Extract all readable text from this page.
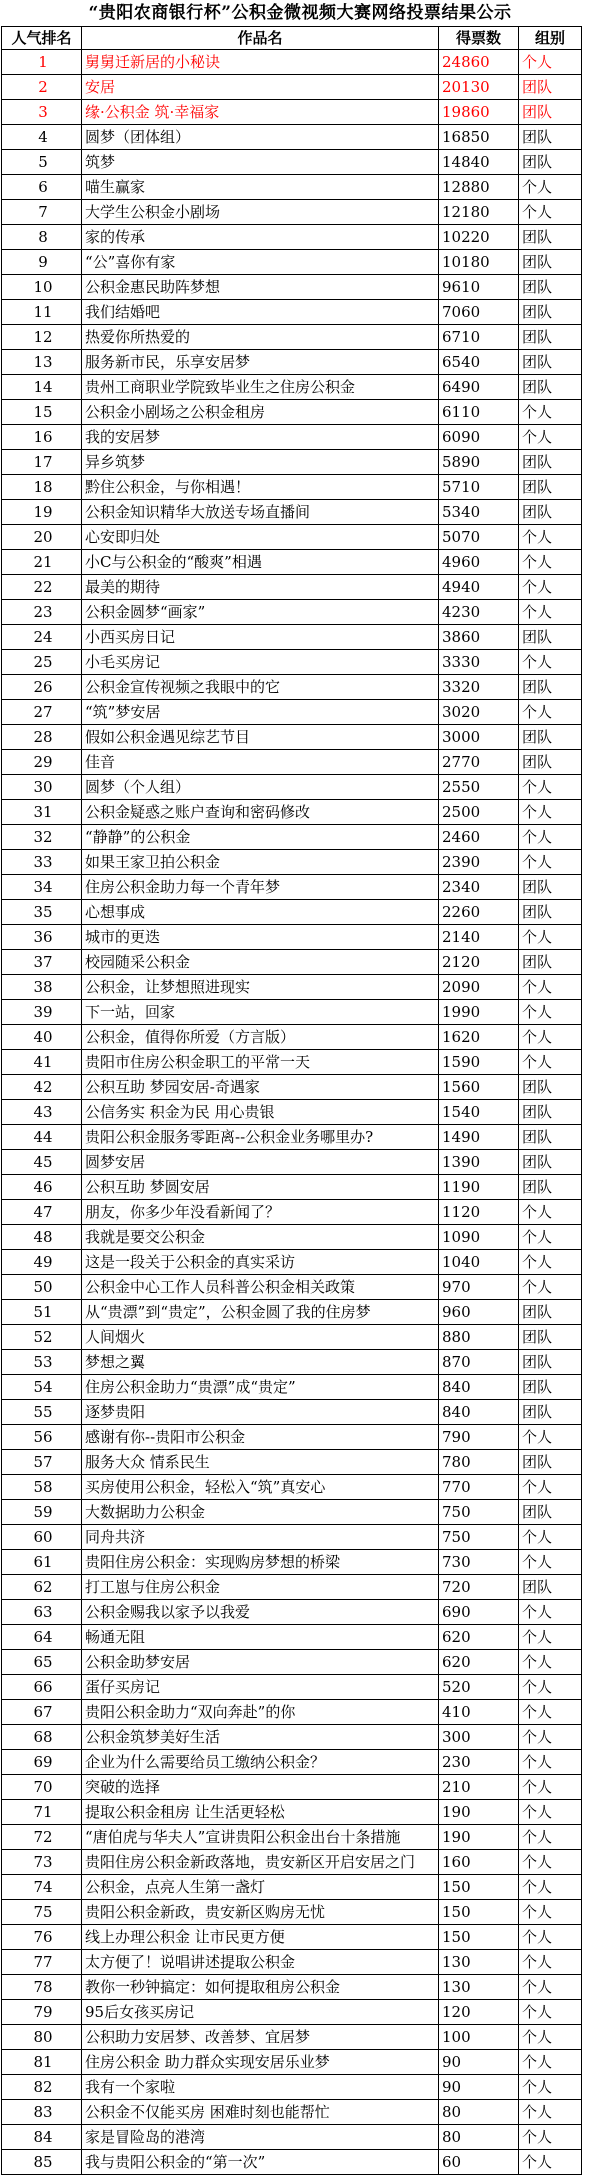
“贵阳农商银行杯”公积金微视频大赛网络投票结果公示
人气排名	作品名	得票数	组别
1	舅舅迁新居的小秘诀	24860	个人
2	安居	20130	团队
3	缘·公积金 筑·幸福家	19860	团队
4	圆梦（团体组）	16850	团队
5	筑梦	14840	团队
6	喵生赢家	12880	个人
7	大学生公积金小剧场	12180	个人
8	家的传承	10220	团队
9	“公”喜你有家	10180	团队
10	公积金惠民助阵梦想	9610	团队
11	我们结婚吧	7060	团队
12	热爱你所热爱的	6710	团队
13	服务新市民，乐享安居梦	6540	团队
14	贵州工商职业学院致毕业生之住房公积金	6490	团队
15	公积金小剧场之公积金租房	6110	个人
16	我的安居梦	6090	个人
17	异乡筑梦	5890	团队
18	黔住公积金，与你相遇！	5710	团队
19	公积金知识精华大放送专场直播间	5340	团队
20	心安即归处	5070	个人
21	小C与公积金的“酸爽”相遇	4960	个人
22	最美的期待	4940	个人
23	公积金圆梦“画家”	4230	个人
24	小西买房日记	3860	团队
25	小毛买房记	3330	个人
26	公积金宣传视频之我眼中的它	3320	团队
27	“筑”梦安居	3020	个人
28	假如公积金遇见综艺节目	3000	团队
29	佳音	2770	团队
30	圆梦（个人组）	2550	个人
31	公积金疑惑之账户查询和密码修改	2500	个人
32	“静静”的公积金	2460	个人
33	如果王家卫拍公积金	2390	个人
34	住房公积金助力每一个青年梦	2340	团队
35	心想事成	2260	团队
36	城市的更迭	2140	个人
37	校园随采公积金	2120	团队
38	公积金，让梦想照进现实	2090	个人
39	下一站，回家	1990	个人
40	公积金，值得你所爱（方言版）	1620	个人
41	贵阳市住房公积金职工的平常一天	1590	个人
42	公积互助 梦园安居-奇遇家	1560	团队
43	公信务实 积金为民 用心贵银	1540	团队
44	贵阳公积金服务零距离--公积金业务哪里办?	1490	团队
45	圆梦安居	1390	团队
46	公积互助 梦圆安居	1190	团队
47	朋友，你多少年没看新闻了？	1120	个人
48	我就是要交公积金	1090	个人
49	这是一段关于公积金的真实采访	1040	个人
50	公积金中心工作人员科普公积金相关政策	970	个人
51	从“贵漂”到“贵定”，公积金圆了我的住房梦	960	团队
52	人间烟火	880	团队
53	梦想之翼	870	团队
54	住房公积金助力“贵漂”成“贵定”	840	团队
55	逐梦贵阳	840	团队
56	感谢有你--贵阳市公积金	790	个人
57	服务大众 情系民生	780	团队
58	买房使用公积金，轻松入“筑”真安心	770	个人
59	大数据助力公积金	750	团队
60	同舟共济	750	个人
61	贵阳住房公积金：实现购房梦想的桥梁	730	个人
62	打工崽与住房公积金	720	团队
63	公积金赐我以家予以我爱	690	个人
64	畅通无阻	620	个人
65	公积金助梦安居	620	个人
66	蛋仔买房记	520	个人
67	贵阳公积金助力“双向奔赴”的你	410	个人
68	公积金筑梦美好生活	300	个人
69	企业为什么需要给员工缴纳公积金？	230	个人
70	突破的选择	210	个人
71	提取公积金租房 让生活更轻松	190	个人
72	“唐伯虎与华夫人”宣讲贵阳公积金出台十条措施	190	个人
73	贵阳住房公积金新政落地，贵安新区开启安居之门	160	个人
74	公积金，点亮人生第一盏灯	150	个人
75	贵阳公积金新政，贵安新区购房无忧	150	个人
76	线上办理公积金 让市民更方便	150	个人
77	太方便了！说唱讲述提取公积金	130	个人
78	教你一秒钟搞定：如何提取租房公积金	130	个人
79	95后女孩买房记	120	个人
80	公积助力安居梦、改善梦、宜居梦	100	个人
81	住房公积金 助力群众实现安居乐业梦	90	个人
82	我有一个家啦	90	个人
83	公积金不仅能买房 困难时刻也能帮忙	80	个人
84	家是冒险岛的港湾	80	个人
85	我与贵阳公积金的“第一次”	60	个人
